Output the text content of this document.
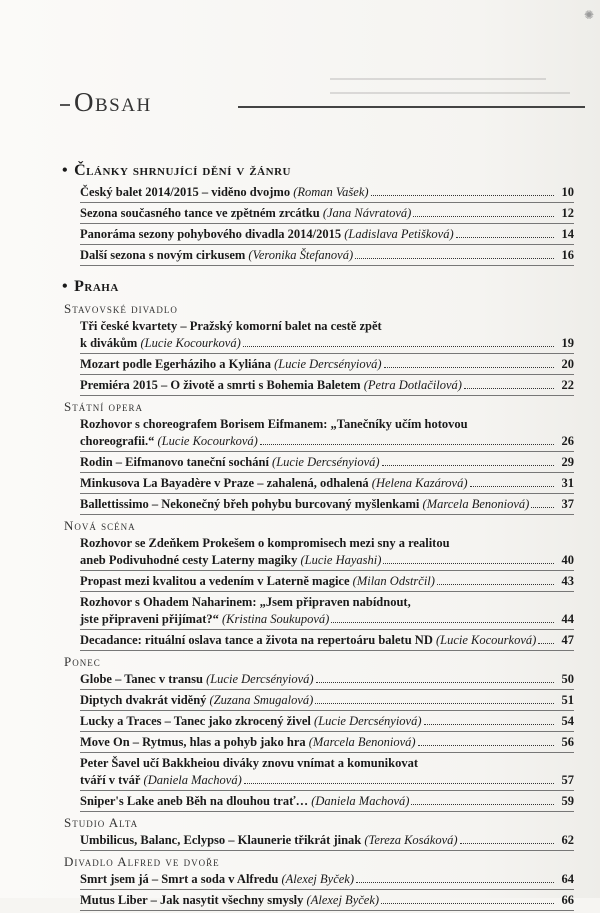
✺
Obsah
• Články shrnující dění v žánru
Český balet 2014/2015 – viděno dvojmo (Roman Vašek)	10
Sezona současného tance ve zpětném zrcátku (Jana Návratová)	12
Panoráma sezony pohybového divadla 2014/2015 (Ladislava Petišková)	14
Další sezona s novým cirkusem (Veronika Štefanová)	16
• Praha
Stavovské divadlo
Tři české kvartety – Pražský komorní balet na cestě zpět
k divákům (Lucie Kocourková)	19
Mozart podle Egerháziho a Kyliána (Lucie Dercsényiová)	20
Premiéra 2015 – O životě a smrti s Bohemia Baletem (Petra Dotlačilová)	22
Státní opera
Rozhovor s choreografem Borisem Eifmanem: „Tanečníky učím hotovou
choreografii.“ (Lucie Kocourková)	26
Rodin – Eifmanovo taneční sochání (Lucie Dercsényiová)	29
Minkusova La Bayadère v Praze – zahalená, odhalená (Helena Kazárová)	31
Ballettissimo – Nekonečný břeh pohybu burcovaný myšlenkami (Marcela Benoniová)	37
Nová scéna
Rozhovor se Zdeňkem Prokešem o kompromisech mezi sny a realitou
aneb Podivuhodné cesty Laterny magiky (Lucie Hayashi)	40
Propast mezi kvalitou a vedením v Laterně magice (Milan Odstrčil)	43
Rozhovor s Ohadem Naharinem: „Jsem připraven nabídnout,
jste připraveni přijímat?“ (Kristina Soukupová)	44
Decadance: rituální oslava tance a života na repertoáru baletu ND (Lucie Kocourková)	47
Ponec
Globe – Tanec v transu (Lucie Dercsényiová)	50
Diptych dvakrát viděný (Zuzana Smugalová)	51
Lucky a Traces – Tanec jako zkrocený živel (Lucie Dercsényiová)	54
Move On – Rytmus, hlas a pohyb jako hra (Marcela Benoniová)	56
Peter Šavel učí Bakkheiou diváky znovu vnímat a komunikovat
tváří v tvář (Daniela Machová)	57
Sniper's Lake aneb Běh na dlouhou trať… (Daniela Machová)	59
Studio Alta
Umbilicus, Balanc, Eclypso – Klaunerie třikrát jinak (Tereza Kosáková)	62
Divadlo Alfred ve dvoře
Smrt jsem já – Smrt a soda v Alfredu (Alexej Byček)	64
Mutus Liber – Jak nasytit všechny smysly (Alexej Byček)	66
